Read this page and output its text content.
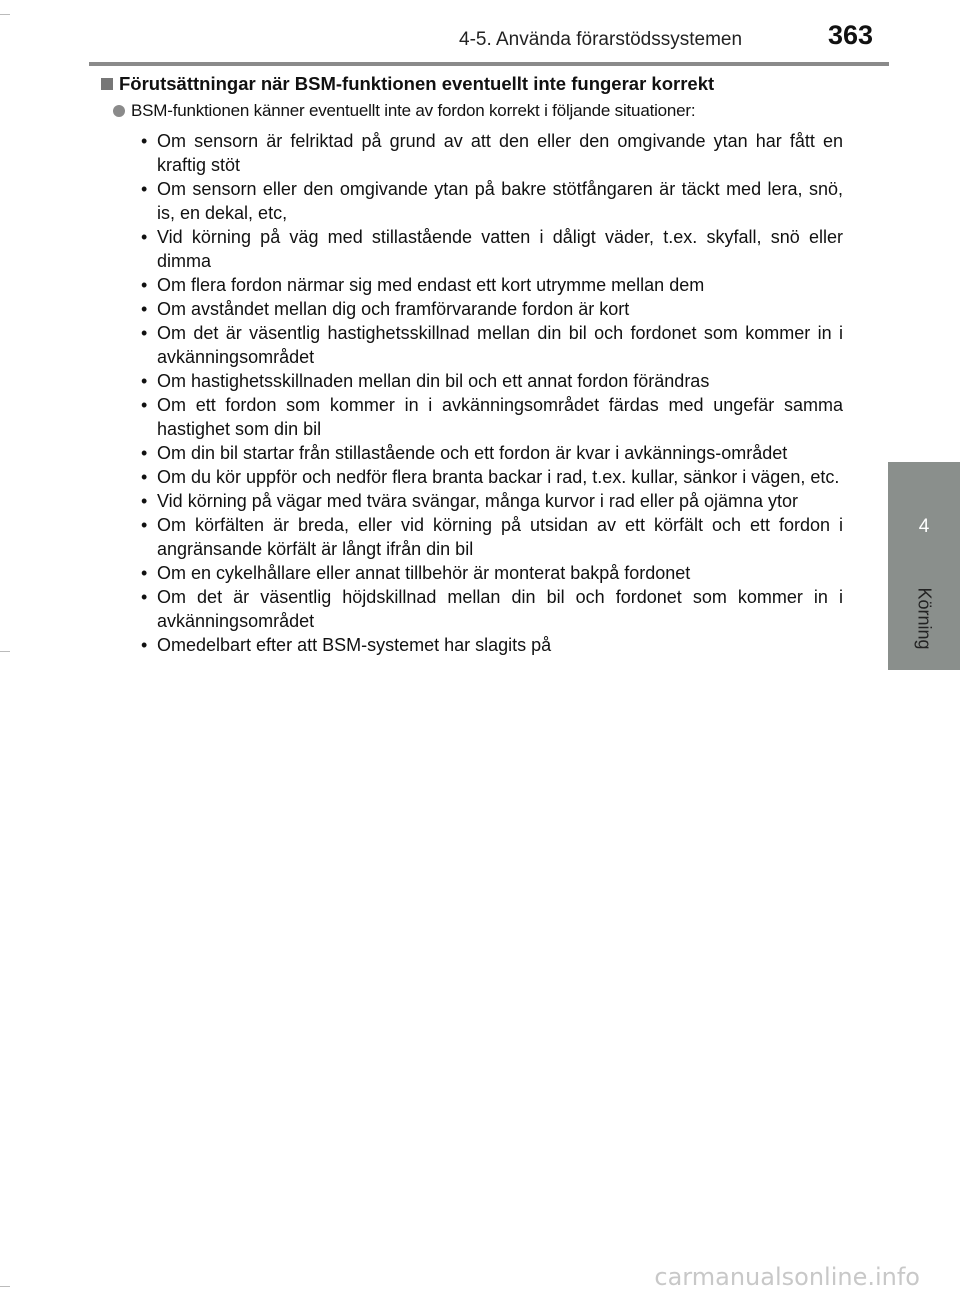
4-5. Använda förarstödssystemen	363
4
Körning
Förutsättningar när BSM-funktionen eventuellt inte fungerar korrekt
BSM-funktionen känner eventuellt inte av fordon korrekt i följande situationer:
• Om sensorn är felriktad på grund av att den eller den omgivande ytan har fått en kraftig stöt
• Om sensorn eller den omgivande ytan på bakre stötfångaren är täckt med lera, snö, is, en dekal, etc,
• Vid körning på väg med stillastående vatten i dåligt väder, t.ex. skyfall, snö eller dimma
• Om flera fordon närmar sig med endast ett kort utrymme mellan dem
• Om avståndet mellan dig och framförvarande fordon är kort
• Om det är väsentlig hastighetsskillnad mellan din bil och fordonet som kommer in i avkänningsområdet
• Om hastighetsskillnaden mellan din bil och ett annat fordon förändras
• Om ett fordon som kommer in i avkänningsområdet färdas med ungefär samma hastighet som din bil
• Om din bil startar från stillastående och ett fordon är kvar i avkännings-området
• Om du kör uppför och nedför flera branta backar i rad, t.ex. kullar, sänkor i vägen, etc.
• Vid körning på vägar med tvära svängar, många kurvor i rad eller på ojämna ytor
• Om körfälten är breda, eller vid körning på utsidan av ett körfält och ett fordon i angränsande körfält är långt ifrån din bil
• Om en cykelhållare eller annat tillbehör är monterat bakpå fordonet
• Om det är väsentlig höjdskillnad mellan din bil och fordonet som kommer in i avkänningsområdet
• Omedelbart efter att BSM-systemet har slagits på
carmanualsonline.info
